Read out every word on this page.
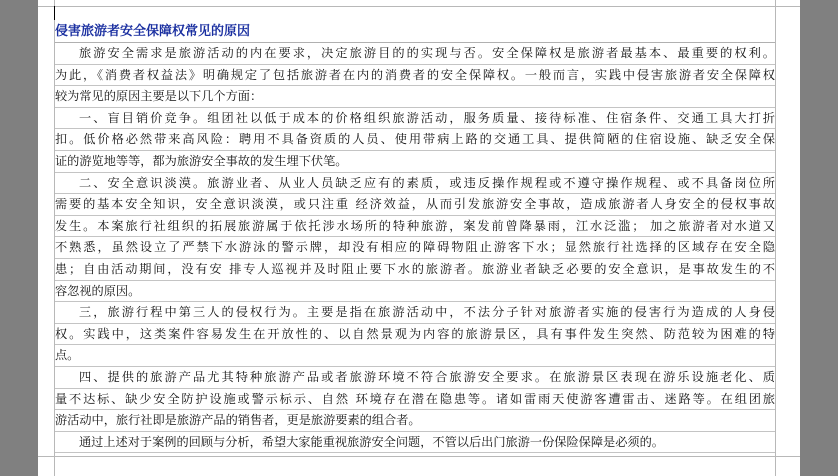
侵害旅游者安全保障权常见的原因
旅游安全需求是旅游活动的内在要求，决定旅游目的的实现与否。安全保障权是旅游者最基本、最重要的权利。
为此，《消费者权益法》明确规定了包括旅游者在内的消费者的安全保障权。一般而言，实践中侵害旅游者安全保障权
较为常见的原因主要是以下几个方面：
一、盲目销价竞争。组团社以低于成本的价格组织旅游活动，服务质量、接待标准、住宿条件、交通工具大打折
扣。低价格必然带来高风险：聘用不具备资质的人员、使用带病上路的交通工具、提供简陋的住宿设施、缺乏安全保
证的游览地等等，都为旅游安全事故的发生埋下伏笔。
二、安全意识淡漠。旅游业者、从业人员缺乏应有的素质，或违反操作规程或不遵守操作规程、或不具备岗位所
需要的基本安全知识，安全意识淡漠，或只注重 经济效益，从而引发旅游安全事故，造成旅游者人身安全的侵权事故
发生。本案旅行社组织的拓展旅游属于依托涉水场所的特种旅游，案发前曾降暴雨，江水泛滥； 加之旅游者对水道又
不熟悉，虽然设立了严禁下水游泳的警示牌，却没有相应的障碍物阻止游客下水；显然旅行社选择的区域存在安全隐
患；自由活动期间，没有安 排专人巡视并及时阻止要下水的旅游者。旅游业者缺乏必要的安全意识，是事故发生的不
容忽视的原因。
三，旅游行程中第三人的侵权行为。主要是指在旅游活动中，不法分子针对旅游者实施的侵害行为造成的人身侵
权。实践中，这类案件容易发生在开放性的、以自然景观为内容的旅游景区，具有事件发生突然、防范较为困难的特
点。
四、提供的旅游产品尤其特种旅游产品或者旅游环境不符合旅游安全要求。在旅游景区表现在游乐设施老化、质
量不达标、缺少安全防护设施或警示标示、自然 环境存在潜在隐患等。诸如雷雨天使游客遭雷击、迷路等。在组团旅
游活动中，旅行社即是旅游产品的销售者，更是旅游要素的组合者。
通过上述对于案例的回顾与分析，希望大家能重视旅游安全问题，不管以后出门旅游一份保险保障是必须的。
